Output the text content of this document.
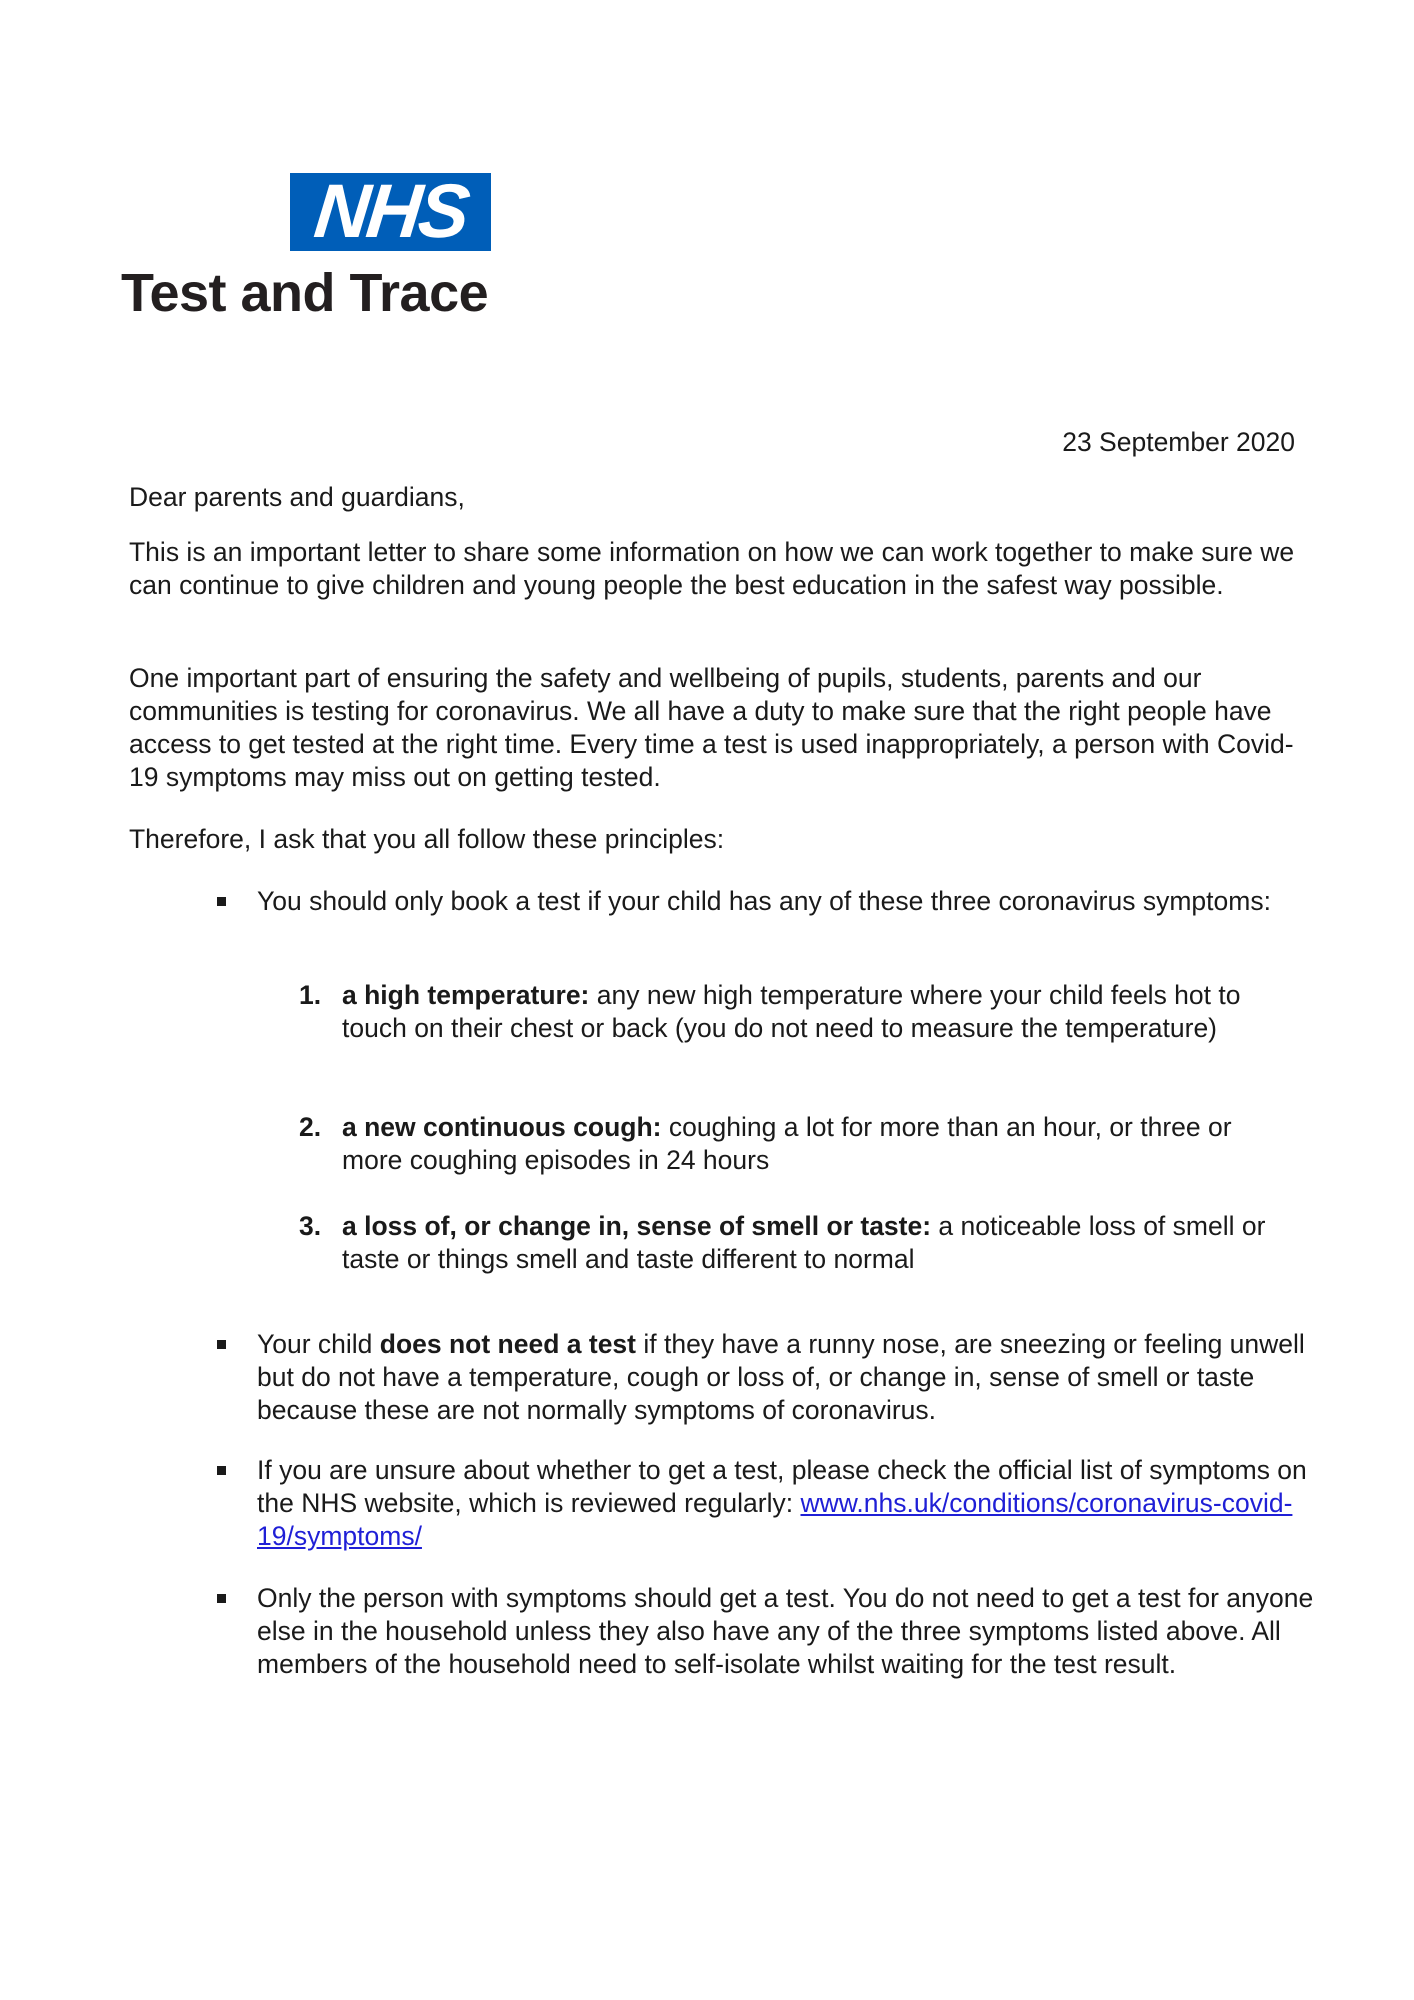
NHS
Test and Trace
23 September 2020
Dear parents and guardians,

This is an important letter to share some information on how we can work together to make sure we can continue to give children and young people the best education in the safest way possible.

One important part of ensuring the safety and wellbeing of pupils, students, parents and our communities is testing for coronavirus. We all have a duty to make sure that the right people have access to get tested at the right time. Every time a test is used inappropriately, a person with Covid-19 symptoms may miss out on getting tested.

Therefore, I ask that you all follow these principles:

You should only book a test if your child has any of these three coronavirus symptoms:

1. a high temperature: any new high temperature where your child feels hot to touch on their chest or back (you do not need to measure the temperature)

2. a new continuous cough: coughing a lot for more than an hour, or three or more coughing episodes in 24 hours

3. a loss of, or change in, sense of smell or taste: a noticeable loss of smell or taste or things smell and taste different to normal

Your child does not need a test if they have a runny nose, are sneezing or feeling unwell but do not have a temperature, cough or loss of, or change in, sense of smell or taste because these are not normally symptoms of coronavirus.

If you are unsure about whether to get a test, please check the official list of symptoms on the NHS website, which is reviewed regularly: www.nhs.uk/conditions/coronavirus-covid-19/symptoms/

Only the person with symptoms should get a test. You do not need to get a test for anyone else in the household unless they also have any of the three symptoms listed above. All members of the household need to self-isolate whilst waiting for the test result.
